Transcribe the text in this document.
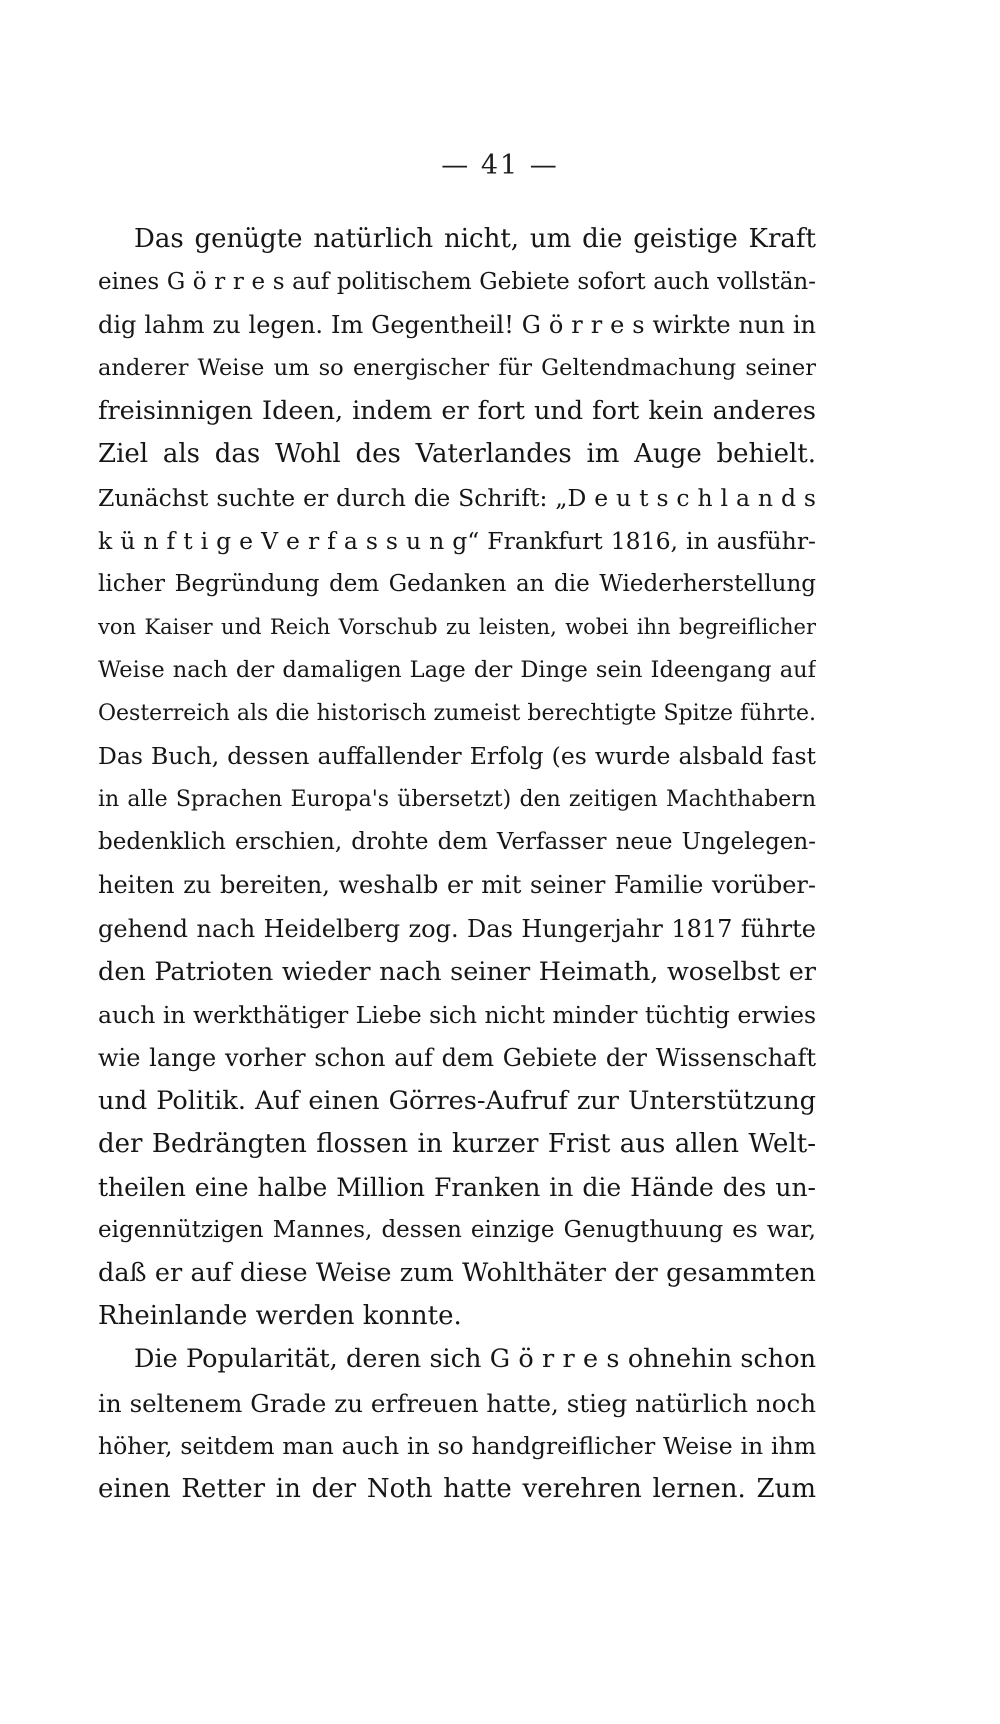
— 41 —
Das genügte natürlich nicht, um die geistige Kraft
eines G ö r r e s auf politischem Gebiete sofort auch vollstän-
dig lahm zu legen. Im Gegentheil! G ö r r e s wirkte nun in
anderer Weise um so energischer für Geltendmachung seiner
freisinnigen Ideen, indem er fort und fort kein anderes
Ziel als das Wohl des Vaterlandes im Auge behielt.
Zunächst suchte er durch die Schrift: „D e u t s c h l a n d s
k ü n f t i g e V e r f a s s u n g“ Frankfurt 1816, in ausführ-
licher Begründung dem Gedanken an die Wiederherstellung
von Kaiser und Reich Vorschub zu leisten, wobei ihn begreiflicher
Weise nach der damaligen Lage der Dinge sein Ideengang auf
Oesterreich als die historisch zumeist berechtigte Spitze führte.
Das Buch, dessen auffallender Erfolg (es wurde alsbald fast
in alle Sprachen Europa's übersetzt) den zeitigen Machthabern
bedenklich erschien, drohte dem Verfasser neue Ungelegen-
heiten zu bereiten, weshalb er mit seiner Familie vorüber-
gehend nach Heidelberg zog. Das Hungerjahr 1817 führte
den Patrioten wieder nach seiner Heimath, woselbst er
auch in werkthätiger Liebe sich nicht minder tüchtig erwies
wie lange vorher schon auf dem Gebiete der Wissenschaft
und Politik. Auf einen Görres-Aufruf zur Unterstützung
der Bedrängten flossen in kurzer Frist aus allen Welt-
theilen eine halbe Million Franken in die Hände des un-
eigennützigen Mannes, dessen einzige Genugthuung es war,
daß er auf diese Weise zum Wohlthäter der gesammten
Rheinlande werden konnte.
Die Popularität, deren sich G ö r r e s ohnehin schon
in seltenem Grade zu erfreuen hatte, stieg natürlich noch
höher, seitdem man auch in so handgreiflicher Weise in ihm
einen Retter in der Noth hatte verehren lernen. Zum
